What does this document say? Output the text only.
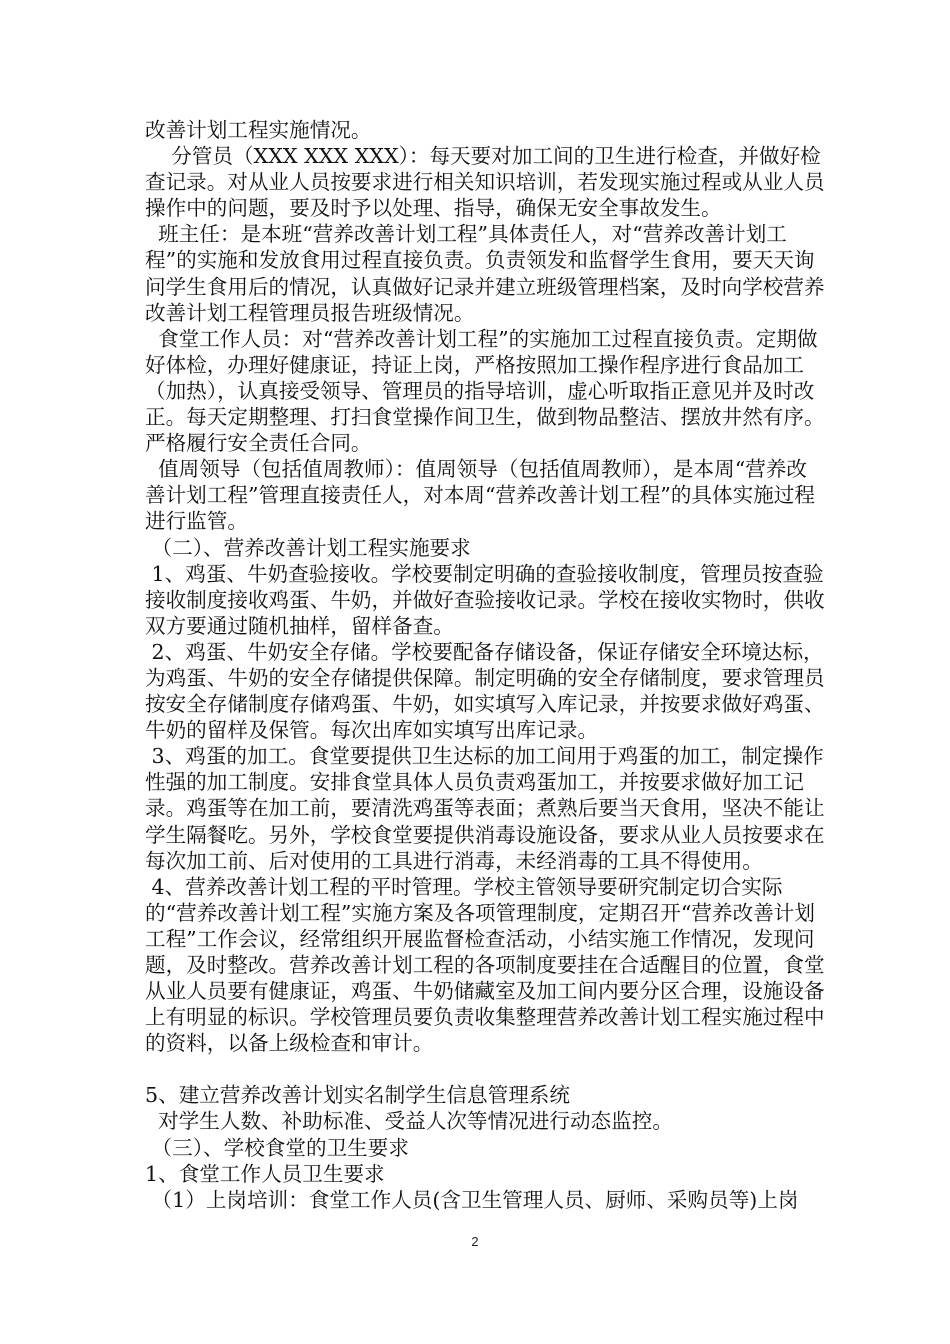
改善计划工程实施情况。

分管员（XXX XXX XXX）：每天要对加工间的卫生进行检查，并做好检查记录。对从业人员按要求进行相关知识培训，若发现实施过程或从业人员操作中的问题，要及时予以处理、指导，确保无安全事故发生。

班主任：是本班“营养改善计划工程”具体责任人，对“营养改善计划工程”的实施和发放食用过程直接负责。负责领发和监督学生食用，要天天询问学生食用后的情况，认真做好记录并建立班级管理档案，及时向学校营养改善计划工程管理员报告班级情况。

食堂工作人员：对“营养改善计划工程”的实施加工过程直接负责。定期做好体检，办理好健康证，持证上岗，严格按照加工操作程序进行食品加工（加热），认真接受领导、管理员的指导培训，虚心听取指正意见并及时改正。每天定期整理、打扫食堂操作间卫生，做到物品整洁、摆放井然有序。严格履行安全责任合同。

值周领导（包括值周教师）：值周领导（包括值周教师），是本周“营养改善计划工程”管理直接责任人，对本周“营养改善计划工程”的具体实施过程进行监管。

（二）、营养改善计划工程实施要求

1、鸡蛋、牛奶查验接收。学校要制定明确的查验接收制度，管理员按查验接收制度接收鸡蛋、牛奶，并做好查验接收记录。学校在接收实物时，供收双方要通过随机抽样，留样备查。

2、鸡蛋、牛奶安全存储。学校要配备存储设备，保证存储安全环境达标，为鸡蛋、牛奶的安全存储提供保障。制定明确的安全存储制度，要求管理员按安全存储制度存储鸡蛋、牛奶，如实填写入库记录，并按要求做好鸡蛋、牛奶的留样及保管。每次出库如实填写出库记录。

3、鸡蛋的加工。食堂要提供卫生达标的加工间用于鸡蛋的加工，制定操作性强的加工制度。安排食堂具体人员负责鸡蛋加工，并按要求做好加工记录。鸡蛋等在加工前，要清洗鸡蛋等表面；煮熟后要当天食用，坚决不能让学生隔餐吃。另外，学校食堂要提供消毒设施设备，要求从业人员按要求在每次加工前、后对使用的工具进行消毒，未经消毒的工具不得使用。

4、营养改善计划工程的平时管理。学校主管领导要研究制定切合实际的“营养改善计划工程”实施方案及各项管理制度，定期召开“营养改善计划工程”工作会议，经常组织开展监督检查活动，小结实施工作情况，发现问题，及时整改。营养改善计划工程的各项制度要挂在合适醒目的位置，食堂从业人员要有健康证，鸡蛋、牛奶储藏室及加工间内要分区合理，设施设备上有明显的标识。学校管理员要负责收集整理营养改善计划工程实施过程中的资料，以备上级检查和审计。

5、建立营养改善计划实名制学生信息管理系统

对学生人数、补助标准、受益人次等情况进行动态监控。

（三）、学校食堂的卫生要求

1、食堂工作人员卫生要求

（1）上岗培训：食堂工作人员(含卫生管理人员、厨师、采购员等)上岗

2
